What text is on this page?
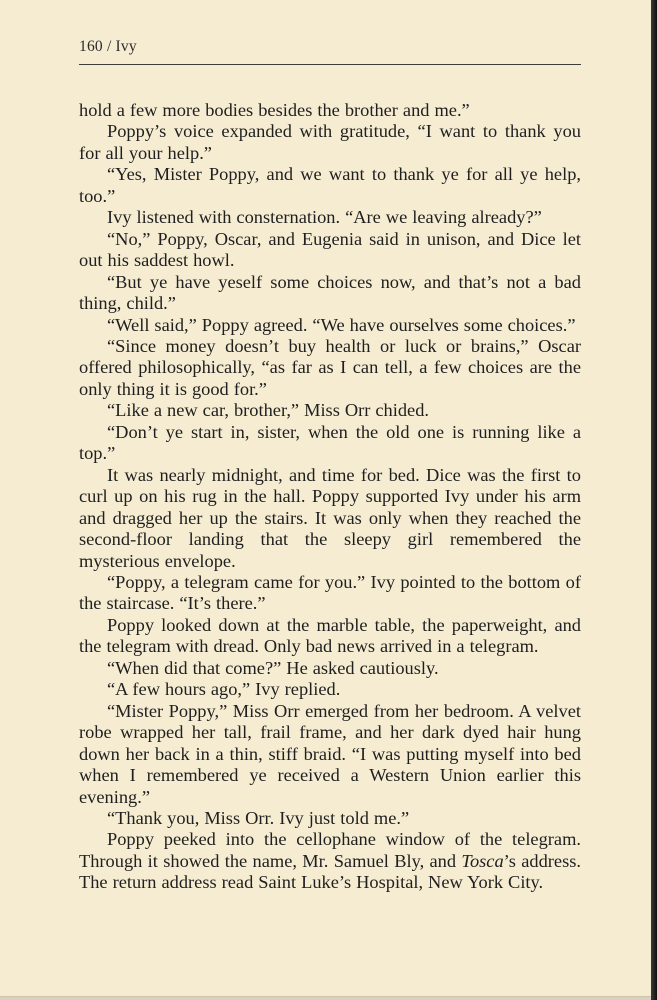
160 / Ivy

hold a few more bodies besides the brother and me.”

Poppy’s voice expanded with gratitude, “I want to thank you for all your help.”

“Yes, Mister Poppy, and we want to thank ye for all ye help, too.”

Ivy listened with consternation. “Are we leaving already?”

“No,” Poppy, Oscar, and Eugenia said in unison, and Dice let out his saddest howl.

“But ye have yeself some choices now, and that’s not a bad thing, child.”

“Well said,” Poppy agreed. “We have ourselves some choices.”

“Since money doesn’t buy health or luck or brains,” Oscar offered philosophically, “as far as I can tell, a few choices are the only thing it is good for.”

“Like a new car, brother,” Miss Orr chided.

“Don’t ye start in, sister, when the old one is running like a top.”

It was nearly midnight, and time for bed. Dice was the first to curl up on his rug in the hall. Poppy supported Ivy under his arm and dragged her up the stairs. It was only when they reached the second-floor landing that the sleepy girl remembered the mysterious envelope.

“Poppy, a telegram came for you.” Ivy pointed to the bottom of the staircase. “It’s there.”

Poppy looked down at the marble table, the paperweight, and the telegram with dread. Only bad news arrived in a telegram.

“When did that come?” He asked cautiously.

“A few hours ago,” Ivy replied.

“Mister Poppy,” Miss Orr emerged from her bedroom. A velvet robe wrapped her tall, frail frame, and her dark dyed hair hung down her back in a thin, stiff braid. “I was putting myself into bed when I remembered ye received a Western Union earlier this evening.”

“Thank you, Miss Orr. Ivy just told me.”

Poppy peeked into the cellophane window of the telegram. Through it showed the name, Mr. Samuel Bly, and Tosca’s address. The return address read Saint Luke’s Hospital, New York City.
